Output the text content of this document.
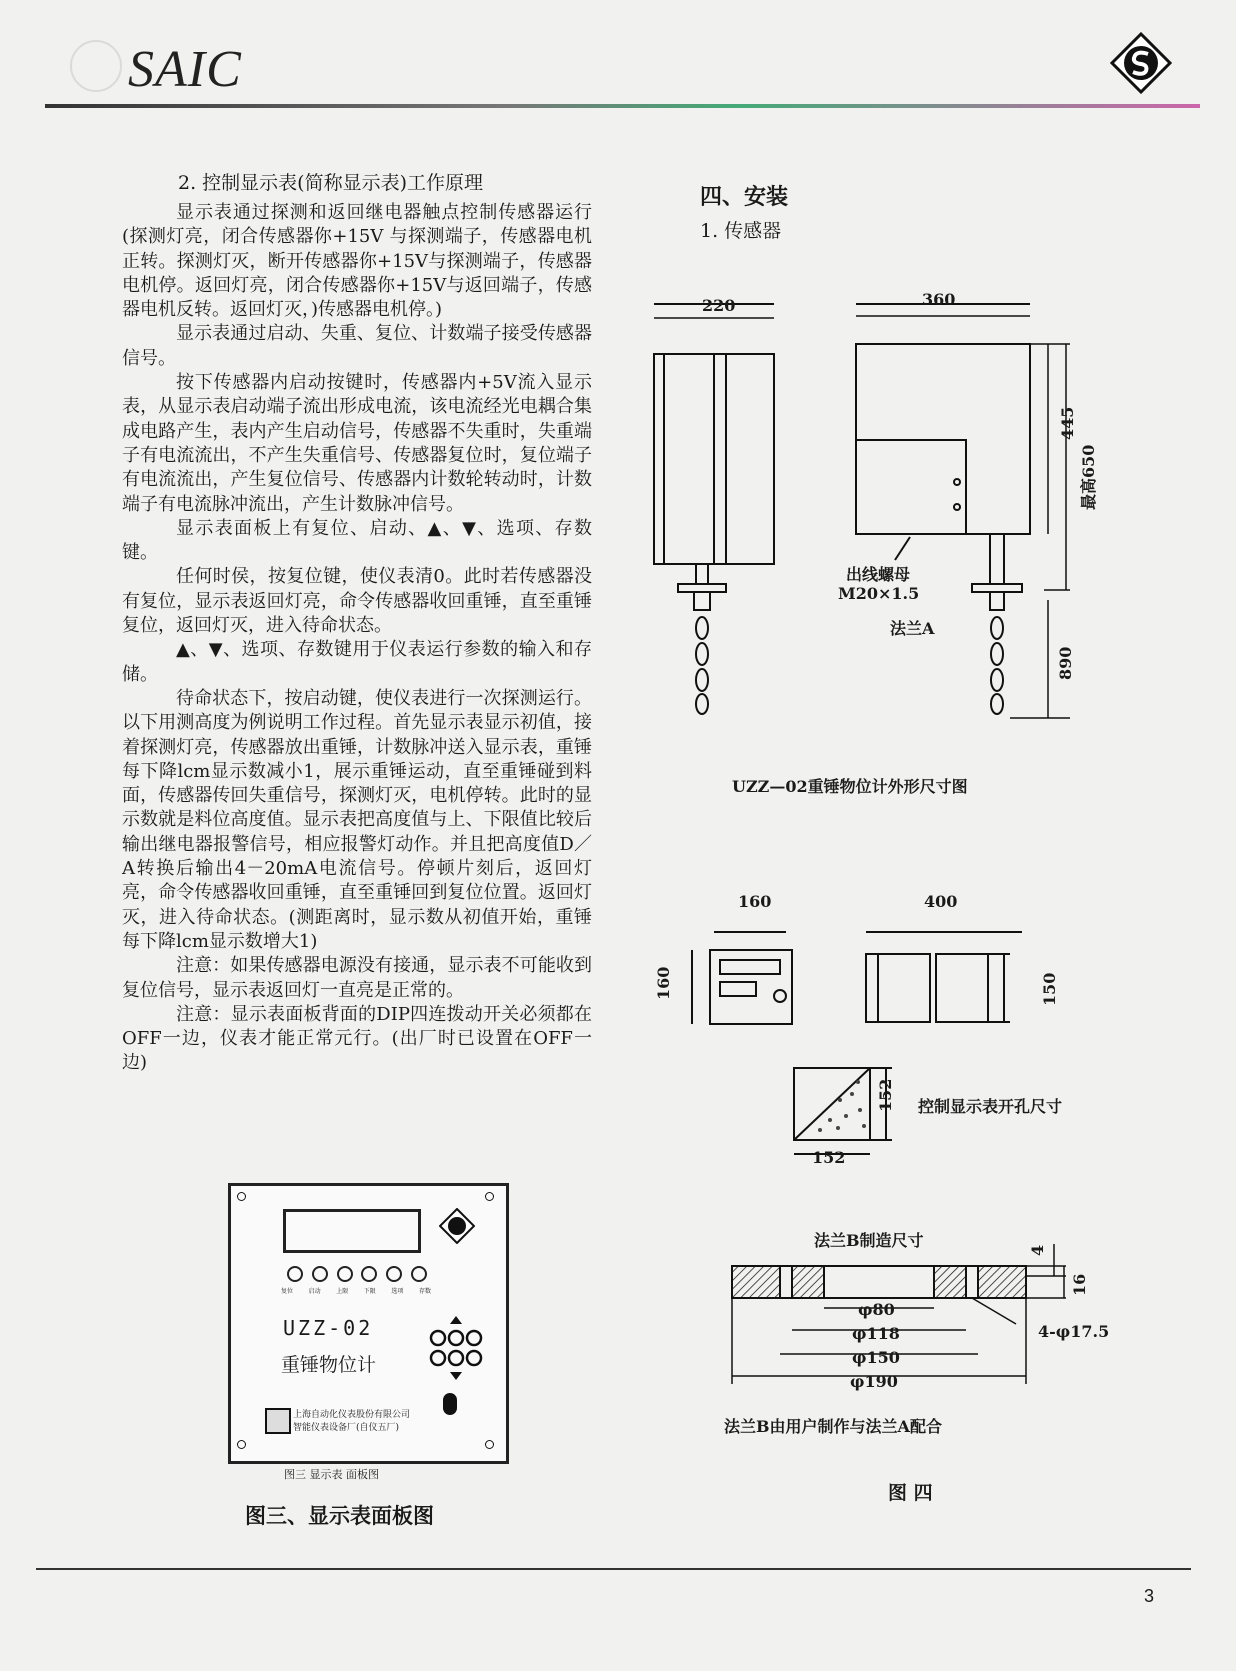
SAIC
2. 控制显示表(简称显示表)工作原理

显示表通过探测和返回继电器触点控制传感器运行(探测灯亮，闭合传感器你+15V 与探测端子，传感器电机正转。探测灯灭，断开传感器你+15V与探测端子，传感器电机停。返回灯亮，闭合传感器你+15V与返回端子，传感器电机反转。返回灯灭，)传感器电机停。)

显示表通过启动、失重、复位、计数端子接受传感器信号。

按下传感器内启动按键时，传感器内+5V流入显示表，从显示表启动端子流出形成电流，该电流经光电耦合集成电路产生，表内产生启动信号，传感器不失重时，失重端子有电流流出，不产生失重信号、传感器复位时，复位端子有电流流出，产生复位信号、传感器内计数轮转动时，计数端子有电流脉冲流出，产生计数脉冲信号。

显示表面板上有复位、启动、▲、▼、选项、存数键。

任何时侯，按复位键，使仪表清0。此时若传感器没有复位，显示表返回灯亮，命令传感器收回重锤，直至重锤复位，返回灯灭，进入待命状态。

▲、▼、选项、存数键用于仪表运行参数的输入和存储。

待命状态下，按启动键，使仪表进行一次探测运行。以下用测高度为例说明工作过程。首先显示表显示初值，接着探测灯亮，传感器放出重锤，计数脉冲送入显示表，重锤每下降lcm显示数减小1，展示重锤运动，直至重锤碰到料面，传感器传回失重信号，探测灯灭，电机停转。此时的显示数就是料位高度值。显示表把高度值与上、下限值比较后输出继电器报警信号，相应报警灯动作。并且把高度值D／A转换后输出4－20mA电流信号。停顿片刻后，返回灯亮，命令传感器收回重锤，直至重锤回到复位位置。返回灯灭，进入待命状态。(测距离时，显示数从初值开始，重锤每下降lcm显示数增大1)

注意：如果传感器电源没有接通，显示表不可能收到复位信号，显示表返回灯一直亮是正常的。

注意：显示表面板背面的DIP四连拨动开关必须都在OFF一边，仪表才能正常元行。(出厂时已设置在OFF一边)

复位	启动	上限	下限	选项	存数
UZZ-02
重锤物位计
上海自动化仪表股份有限公司
智能仪表设备厂(自仪五厂)
图三 显示表 面板图
图三、显示表面板图
四、安装
1. 传感器
220	360
445
最高650
890
出线螺母
M20×1.5
法兰A
UZZ—02重锤物位计外形尺寸图
160
160
400
150
152
152
控制显示表开孔尺寸
法兰B制造尺寸
4
16
4-φ17.5
φ80
φ118
φ150
φ190
法兰B由用户制作与法兰A配合
图 四
3
